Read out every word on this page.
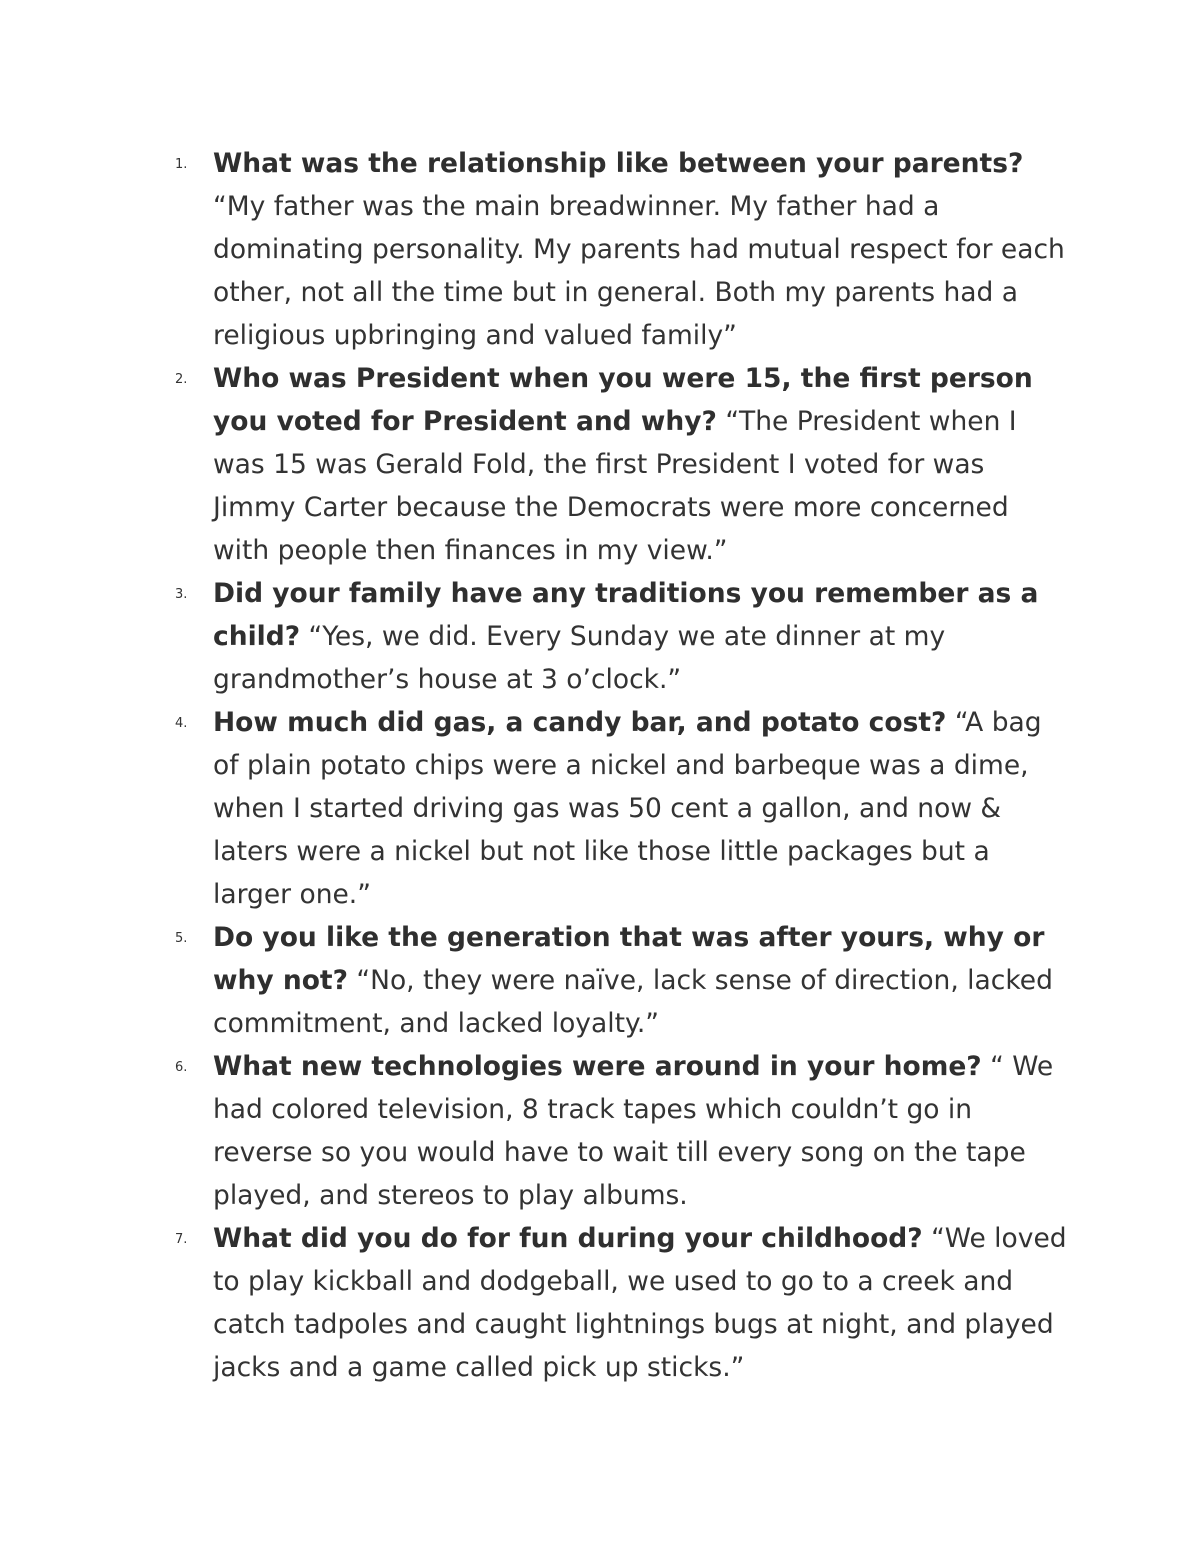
1. What was the relationship like between your parents? “My father was the main breadwinner. My father had a dominating personality. My parents had mutual respect for each other, not all the time but in general. Both my parents had a religious upbringing and valued family”
2. Who was President when you were 15, the first person you voted for President and why? “The President when I was 15 was Gerald Fold, the first President I voted for was Jimmy Carter because the Democrats were more concerned with people then finances in my view.”
3. Did your family have any traditions you remember as a child? “Yes, we did. Every Sunday we ate dinner at my grandmother’s house at 3 o’clock.”
4. How much did gas, a candy bar, and potato cost? “A bag of plain potato chips were a nickel and barbeque was a dime, when I started driving gas was 50 cent a gallon, and now & laters were a nickel but not like those little packages but a larger one.”
5. Do you like the generation that was after yours, why or why not? “No, they were naïve, lack sense of direction, lacked commitment, and lacked loyalty.”
6. What new technologies were around in your home? “ We had colored television, 8 track tapes which couldn’t go in reverse so you would have to wait till every song on the tape played, and stereos to play albums.
7. What did you do for fun during your childhood? “We loved to play kickball and dodgeball, we used to go to a creek and catch tadpoles and caught lightnings bugs at night, and played jacks and a game called pick up sticks.”
